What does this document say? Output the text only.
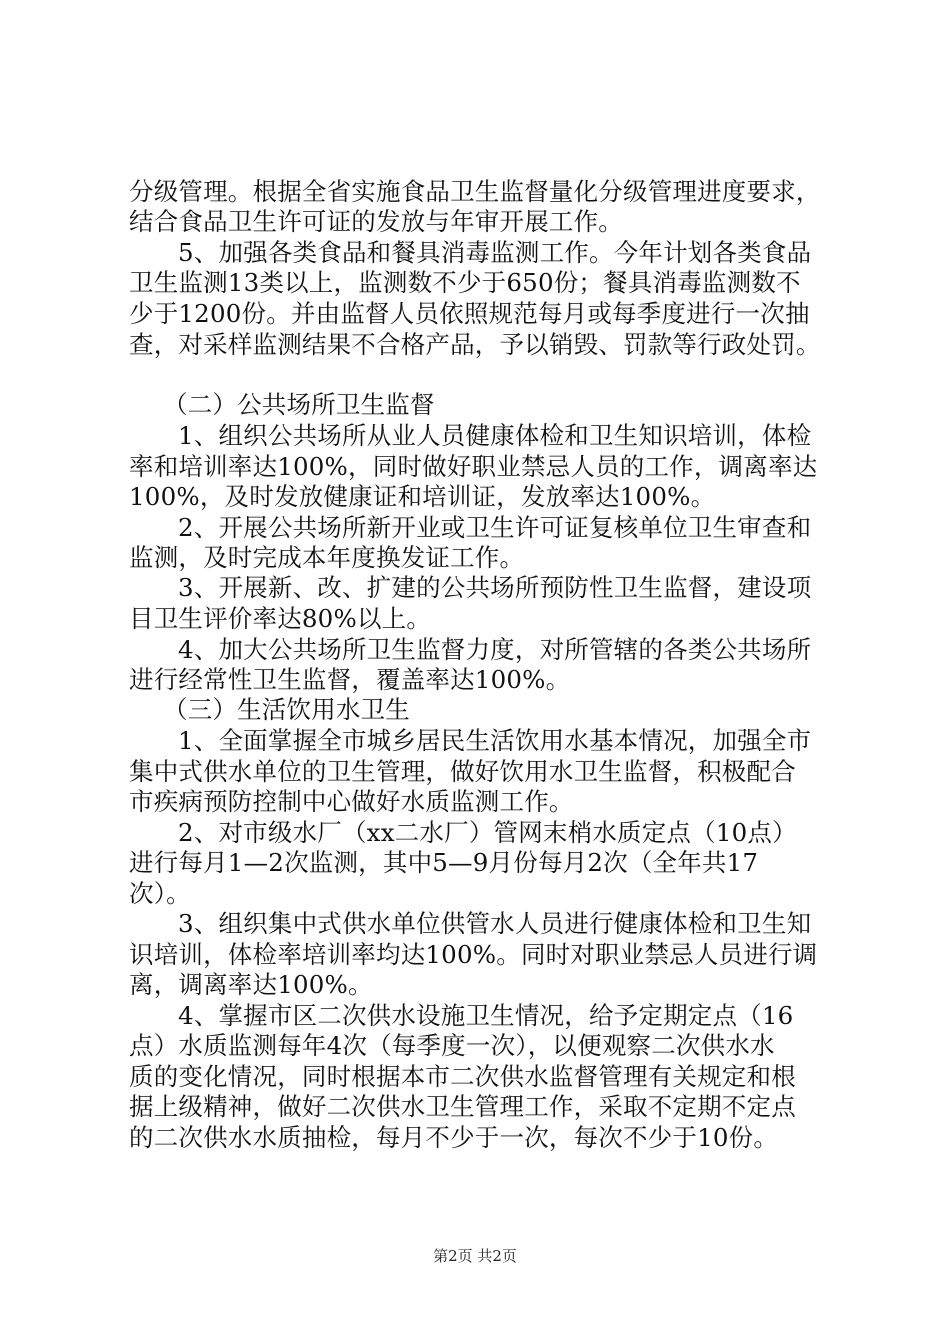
分级管理。根据全省实施食品卫生监督量化分级管理进度要求，
结合食品卫生许可证的发放与年审开展工作。
5、加强各类食品和餐具消毒监测工作。今年计划各类食品
卫生监测13类以上，监测数不少于650份；餐具消毒监测数不
少于1200份。并由监督人员依照规范每月或每季度进行一次抽
查，对采样监测结果不合格产品，予以销毁、罚款等行政处罚。
（二）公共场所卫生监督
1、组织公共场所从业人员健康体检和卫生知识培训，体检
率和培训率达100%，同时做好职业禁忌人员的工作，调离率达
100%，及时发放健康证和培训证，发放率达100%。
2、开展公共场所新开业或卫生许可证复核单位卫生审查和
监测，及时完成本年度换发证工作。
3、开展新、改、扩建的公共场所预防性卫生监督，建设项
目卫生评价率达80%以上。
4、加大公共场所卫生监督力度，对所管辖的各类公共场所
进行经常性卫生监督，覆盖率达100%。
（三）生活饮用水卫生
1、全面掌握全市城乡居民生活饮用水基本情况，加强全市
集中式供水单位的卫生管理，做好饮用水卫生监督，积极配合
市疾病预防控制中心做好水质监测工作。
2、对市级水厂（xx二水厂）管网末梢水质定点（10点）
进行每月1—2次监测，其中5—9月份每月2次（全年共17
次）。
3、组织集中式供水单位供管水人员进行健康体检和卫生知
识培训，体检率培训率均达100%。同时对职业禁忌人员进行调
离，调离率达100%。
4、掌握市区二次供水设施卫生情况，给予定期定点（16
点）水质监测每年4次（每季度一次），以便观察二次供水水
质的变化情况，同时根据本市二次供水监督管理有关规定和根
据上级精神，做好二次供水卫生管理工作，采取不定期不定点
的二次供水水质抽检，每月不少于一次，每次不少于10份。
第2页 共2页
